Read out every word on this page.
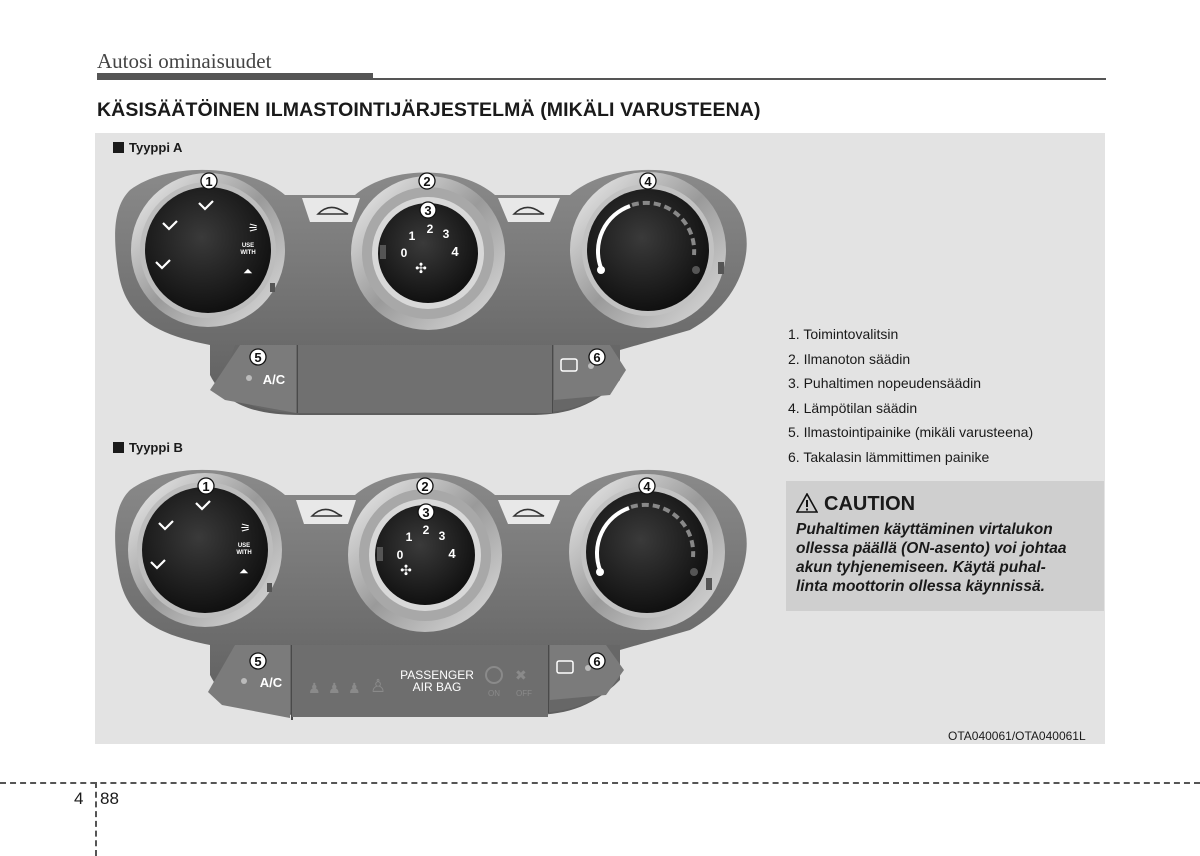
Autosi ominaisuudet
KÄSISÄÄTÖINEN ILMASTOINTIJÄRJESTELMÄ (MIKÄLI VARUSTEENA)
Tyyppi A
Tyyppi B
⚞
USE
WITH
⏶
0
1 2 3
4
✣
A/C
1	2
3
4
5	6
⚞
USE
WITH
⏶
0
1 2 3
4
✣
A/C ♟ ♟ ♟ ♙
PASSENGER
AIR BAG	ON
✖
OFF
1	2
3
4
5	6
1. Toimintovalitsin
2. Ilmanoton säädin
3. Puhaltimen nopeudensäädin
4. Lämpötilan säädin
5. Ilmastointipainike (mikäli varusteena)
6. Takalasin lämmittimen painike
CAUTION
Puhaltimen käyttäminen virtalukon
ollessa päällä (ON-asento) voi johtaa
akun tyhjenemiseen. Käytä puhal-
linta moottorin ollessa käynnissä.
OTA040061/OTA040061L
4 88
